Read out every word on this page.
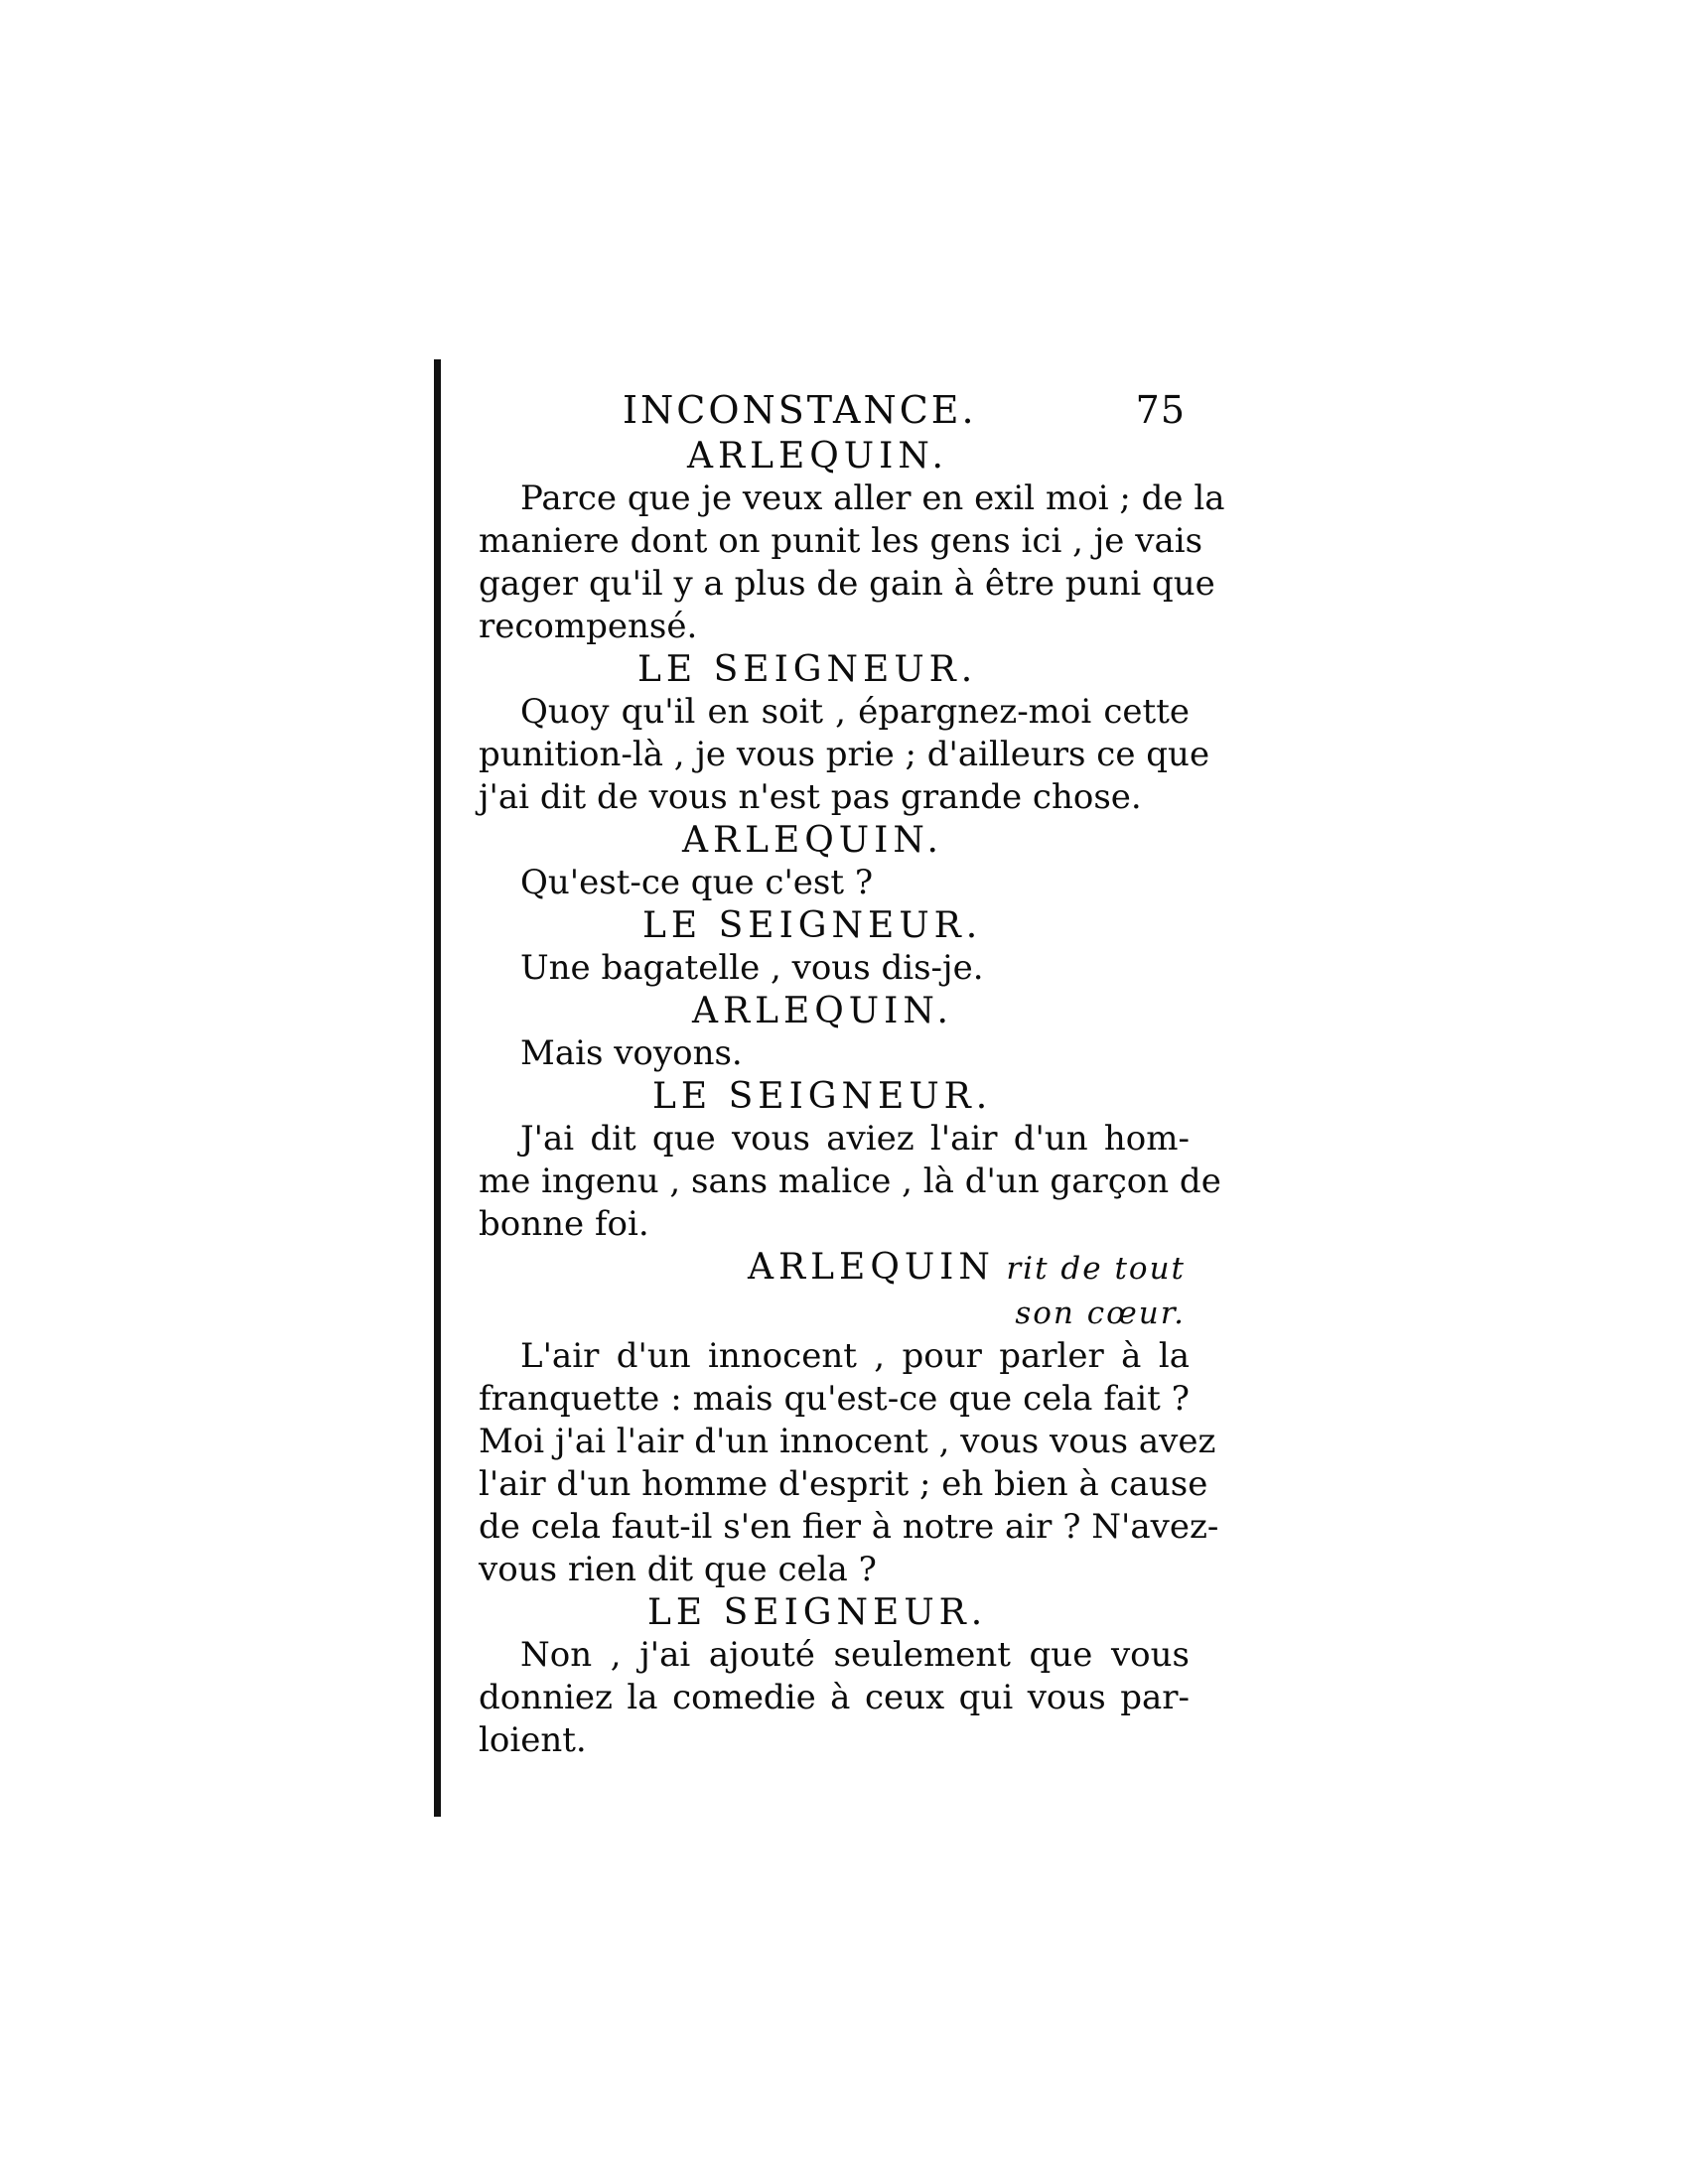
INCONSTANCE.	75
ARLEQUIN.
Parce que je veux aller en exil moi ; de la
maniere dont on punit les gens ici , je vais
gager qu'il y a plus de gain à être puni que
recompensé.
LE SEIGNEUR.
Quoy qu'il en soit , épargnez-moi cette
punition-là , je vous prie ; d'ailleurs ce que
j'ai dit de vous n'est pas grande chose.
ARLEQUIN.
Qu'est-ce que c'est ?
LE SEIGNEUR.
Une bagatelle , vous dis-je.
ARLEQUIN.
Mais voyons.
LE SEIGNEUR.
J'ai dit que vous aviez l'air d'un hom-
me ingenu , sans malice , là d'un garçon de
bonne foi.
ARLEQUIN rit de tout
son cœur.
L'air d'un innocent , pour parler à la
franquette : mais qu'est-ce que cela fait ?
Moi j'ai l'air d'un innocent , vous vous avez
l'air d'un homme d'esprit ; eh bien à cause
de cela faut-il s'en fier à notre air ? N'avez-
vous rien dit que cela ?
LE SEIGNEUR.
Non , j'ai ajouté seulement que vous
donniez la comedie à ceux qui vous par-
loient.
